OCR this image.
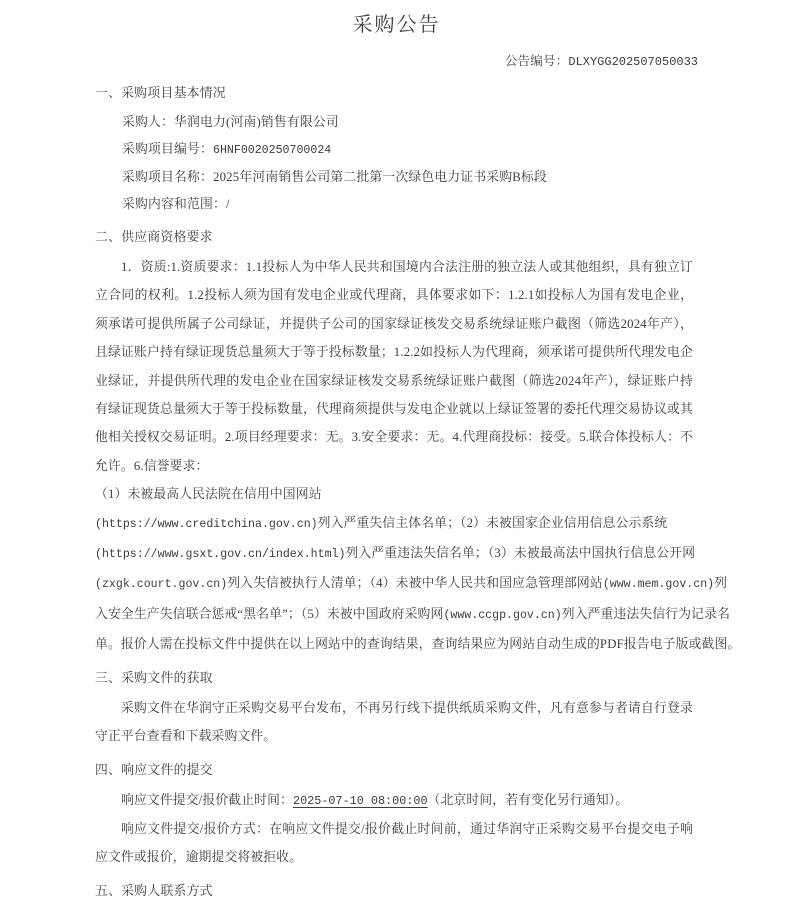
采购公告
公告编号：DLXYGG202507050033
一、采购项目基本情况
采购人：华润电力(河南)销售有限公司
采购项目编号：6HNF0020250700024
采购项目名称：2025年河南销售公司第二批第一次绿色电力证书采购B标段
采购内容和范围：/
二、供应商资格要求
1．资质:1.资质要求：1.1投标人为中华人民共和国境内合法注册的独立法人或其他组织，具有独立订立合同的权利。1.2投标人须为国有发电企业或代理商，具体要求如下：1.2.1如投标人为国有发电企业，须承诺可提供所属子公司绿证，并提供子公司的国家绿证核发交易系统绿证账户截图（筛选2024年产），且绿证账户持有绿证现货总量须大于等于投标数量；1.2.2如投标人为代理商，须承诺可提供所代理发电企业绿证，并提供所代理的发电企业在国家绿证核发交易系统绿证账户截图（筛选2024年产），绿证账户持有绿证现货总量须大于等于投标数量，代理商须提供与发电企业就以上绿证签署的委托代理交易协议或其他相关授权交易证明。2.项目经理要求：无。3.安全要求：无。4.代理商投标：接受。5.联合体投标人：不允许。6.信誉要求：
（1）未被最高人民法院在信用中国网站
(https://www.creditchina.gov.cn)列入严重失信主体名单；（2）未被国家企业信用信息公示系统
(https://www.gsxt.gov.cn/index.html)列入严重违法失信名单；（3）未被最高法中国执行信息公开网
(zxgk.court.gov.cn)列入失信被执行人清单；（4）未被中华人民共和国应急管理部网站(www.mem.gov.cn)列
入安全生产失信联合惩戒“黑名单”；（5）未被中国政府采购网(www.ccgp.gov.cn)列入严重违法失信行为记录名
单。报价人需在投标文件中提供在以上网站中的查询结果，查询结果应为网站自动生成的PDF报告电子版或截图。
三、采购文件的获取
采购文件在华润守正采购交易平台发布，不再另行线下提供纸质采购文件，凡有意参与者请自行登录守正平台查看和下载采购文件。
四、响应文件的提交
响应文件提交/报价截止时间：2025-07-10 08:00:00（北京时间，若有变化另行通知）。
响应文件提交/报价方式：在响应文件提交/报价截止时间前，通过华润守正采购交易平台提交电子响应文件或报价，逾期提交将被拒收。
五、采购人联系方式
